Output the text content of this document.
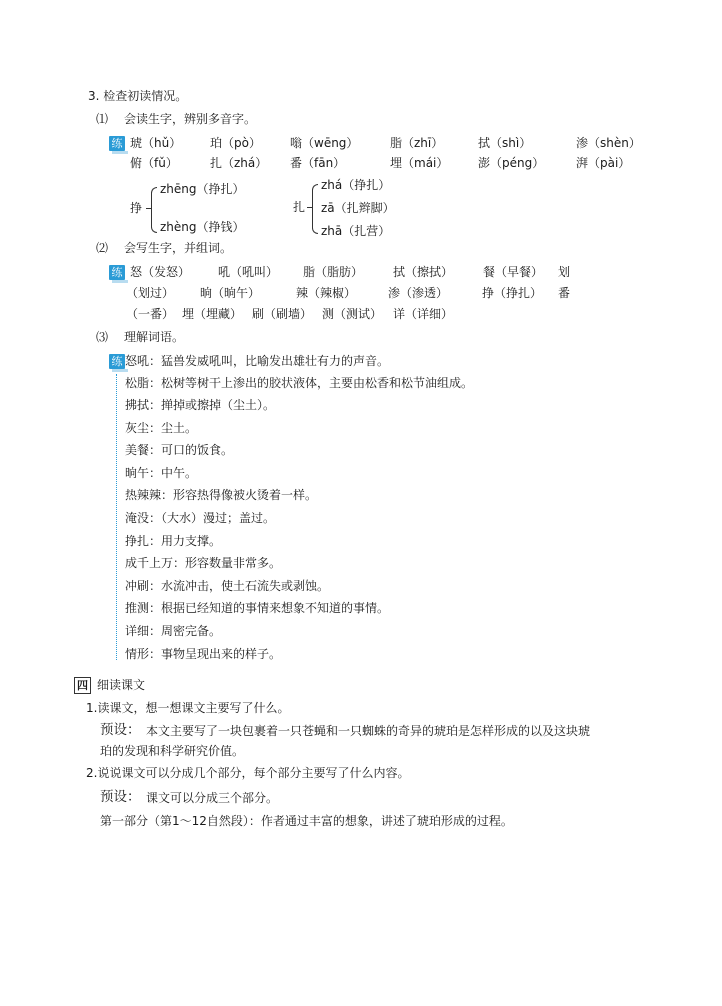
3. 检查初读情况。
⑴ 会读生字，辨别多音字。
练 琥（hǔ） 珀（pò） 嗡（wēng）	脂（zhī）	拭（shì）	渗（shèn）
俯（fǔ）	扎（zhá） 番（fān）	埋（mái） 澎（péng）	湃（pài）
挣
zhēng（挣扎）
zhèng（挣钱）
扎
zhá（挣扎）
zā（扎辫脚）
zhā（扎营）
⑵ 会写生字，并组词。
练 怒（发怒） 吼（吼叫） 脂（脂肪） 拭（擦拭） 餐（早餐） 划
（划过） 晌（晌午）	辣（辣椒）	渗（渗透）	挣（挣扎） 番
（一番） 埋（埋藏） 刷（刷墙） 测（测试） 详（详细）
⑶ 理解词语。
练 怒吼：猛兽发威吼叫，比喻发出雄壮有力的声音。
松脂：松树等树干上渗出的胶状液体，主要由松香和松节油组成。
拂拭：掸掉或擦掉（尘土）。
灰尘：尘土。
美餐：可口的饭食。
晌午：中午。
热辣辣：形容热得像被火烫着一样。
淹没：（大水）漫过；盖过。
挣扎：用力支撑。
成千上万：形容数量非常多。
冲刷：水流冲击，使土石流失或剥蚀。
推测：根据已经知道的事情来想象不知道的事情。
详细：周密完备。
情形：事物呈现出来的样子。
四 细读课文
1.读课文，想一想课文主要写了什么。
预设： 本文主要写了一块包裹着一只苍蝇和一只蜘蛛的奇异的琥珀是怎样形成的以及这块琥
珀的发现和科学研究价值。
2.说说课文可以分成几个部分，每个部分主要写了什么内容。
预设： 课文可以分成三个部分。
第一部分（第1～12自然段）：作者通过丰富的想象，讲述了琥珀形成的过程。
